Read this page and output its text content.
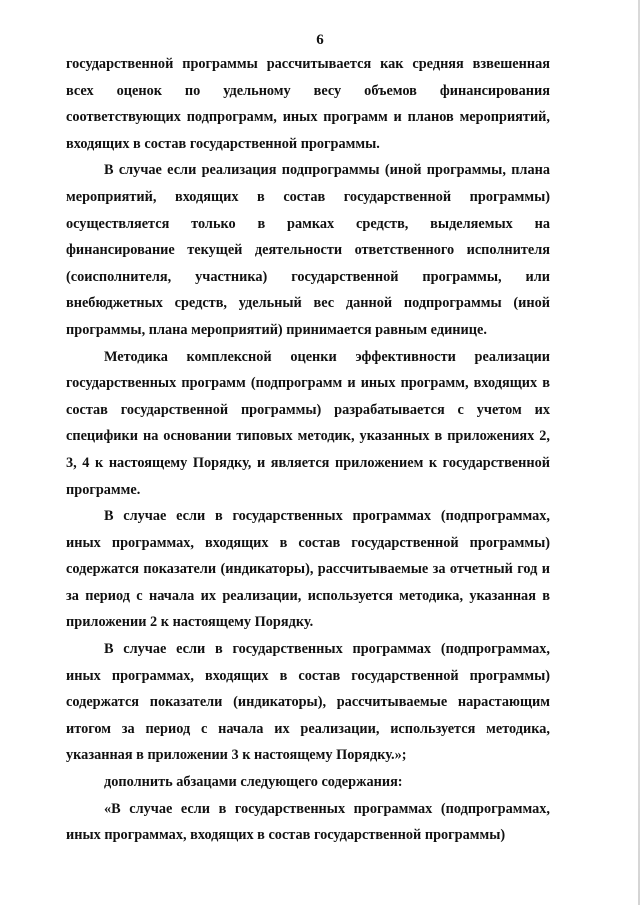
6

государственной программы рассчитывается как средняя взвешенная всех оценок по удельному весу объемов финансирования соответствующих подпрограмм, иных программ и планов мероприятий, входящих в состав государственной программы.

В случае если реализация подпрограммы (иной программы, плана мероприятий, входящих в состав государственной программы) осуществляется только в рамках средств, выделяемых на финансирование текущей деятельности ответственного исполнителя (соисполнителя, участника) государственной программы, или внебюджетных средств, удельный вес данной подпрограммы (иной программы, плана мероприятий) принимается равным единице.

Методика комплексной оценки эффективности реализации государственных программ (подпрограмм и иных программ, входящих в состав государственной программы) разрабатывается с учетом их специфики на основании типовых методик, указанных в приложениях 2, 3, 4 к настоящему Порядку, и является приложением к государственной программе.

В случае если в государственных программах (подпрограммах, иных программах, входящих в состав государственной программы) содержатся показатели (индикаторы), рассчитываемые за отчетный год и за период с начала их реализации, используется методика, указанная в приложении 2 к настоящему Порядку.

В случае если в государственных программах (подпрограммах, иных программах, входящих в состав государственной программы) содержатся показатели (индикаторы), рассчитываемые нарастающим итогом за период с начала их реализации, используется методика, указанная в приложении 3 к настоящему Порядку.»;

дополнить абзацами следующего содержания:

«В случае если в государственных программах (подпрограммах, иных программах, входящих в состав государственной программы)
